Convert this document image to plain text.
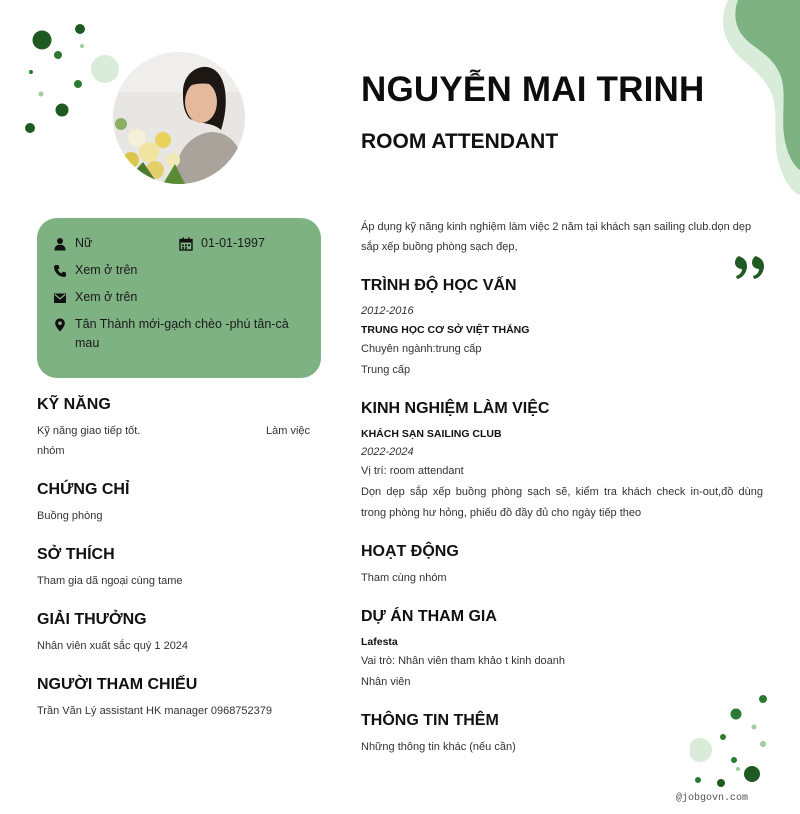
NGUYỄN MAI TRINH
ROOM ATTENDANT
Nữ	01-01-1997
Xem ở trên
Xem ở trên
Tân Thành mới-gạch chèo -phú tân-cà mau
KỸ NĂNG
Kỹ năng giao tiếp tốt.	Làm việc
nhóm
CHỨNG CHỈ
Buồng phòng
SỞ THÍCH
Tham gia dã ngoại cùng tame
GIẢI THƯỞNG
Nhân viên xuất sắc quý 1 2024
NGƯỜI THAM CHIẾU
Trần Văn Lý assistant HK manager 0968752379
Áp dụng kỹ năng kinh nghiệm làm việc 2 năm tại khách sạn sailing club.dọn dẹp sắp xếp buồng phòng sạch đẹp,
TRÌNH ĐỘ HỌC VẤN
2012-2016
TRUNG HỌC CƠ SỞ VIỆT THẮNG
Chuyên ngành:trung cấp
Trung cấp
KINH NGHIỆM LÀM VIỆC
KHÁCH SẠN SAILING CLUB
2022-2024
Vị trí: room attendant
Dọn dẹp sắp xếp buồng phòng sạch sẽ, kiểm tra khách check in-out,đồ dùng trong phòng hư hỏng, phiếu đồ đầy đủ cho ngày tiếp theo
HOẠT ĐỘNG
Tham cùng nhóm
DỰ ÁN THAM GIA
Lafesta
Vai trò: Nhân viên tham khảo t kinh doanh
Nhân viên
THÔNG TIN THÊM
Những thông tin khác (nếu cần)
@jobgovn.com
